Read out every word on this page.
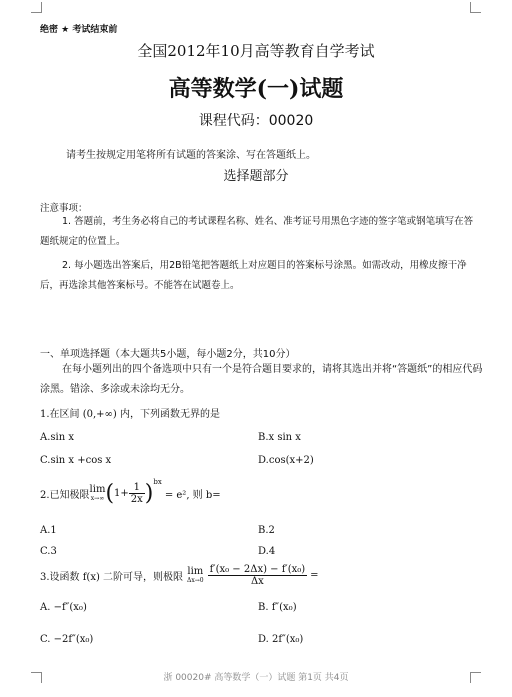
绝密 ★ 考试结束前
全国2012年10月高等教育自学考试
高等数学(一)试题
课程代码：00020
请考生按规定用笔将所有试题的答案涂、写在答题纸上。
选择题部分
注意事项：
1. 答题前，考生务必将自己的考试课程名称、姓名、准考证号用黑色字迹的签字笔或钢笔填写在答题纸规定的位置上。
2. 每小题选出答案后，用2B铅笔把答题纸上对应题目的答案标号涂黑。如需改动，用橡皮擦干净后，再选涂其他答案标号。不能答在试题卷上。
一、单项选择题（本大题共5小题，每小题2分，共10分）
在每小题列出的四个备选项中只有一个是符合题目要求的，请将其选出并将“答题纸”的相应代码涂黑。错涂、多涂或未涂均无分。
1.在区间 (0,+∞) 内，下列函数无界的是
A.sin x	B.x sin x
C.sin x +cos x	D.cos(x+2)
2.已知极限 lim
x→∞ ( $1+ \frac{1}{2x} )^{bx}$
= e², 则 b=
A.1	B.2
C.3	D.4
3.设函数 f(x) 二阶可导，则极限 lim
$\Delta x\to 0 \frac{\text{f′(x₀ − 2Δx) − f′(x₀)}}{\Delta x}$ =
A. −f″(x₀)	B. f″(x₀)
C. −2f″(x₀)	D. 2f″(x₀)
浙 00020# 高等数学（一）试题 第1页 共4页
